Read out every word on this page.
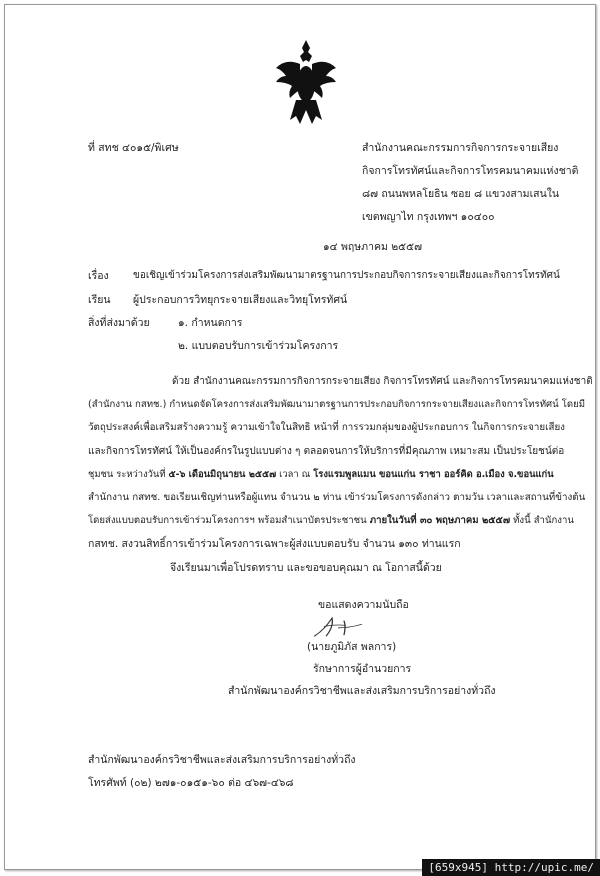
ที่ สทช ๔๐๑๕/พิเศษ	สำนักงานคณะกรรมการกิจการกระจายเสียง
กิจการโทรทัศน์และกิจการโทรคมนาคมแห่งชาติ
๘๗ ถนนพหลโยธิน ซอย ๘ แขวงสามเสนใน
เขตพญาไท กรุงเทพฯ ๑๐๔๐๐
๑๔ พฤษภาคม ๒๕๕๗
เรื่อง ขอเชิญเข้าร่วมโครงการส่งเสริมพัฒนามาตรฐานการประกอบกิจการกระจายเสียงและกิจการโทรทัศน์
เรียน ผู้ประกอบการวิทยุกระจายเสียงและวิทยุโทรทัศน์
สิ่งที่ส่งมาด้วย	๑. กำหนดการ
๒. แบบตอบรับการเข้าร่วมโครงการ
ด้วย สำนักงานคณะกรรมการกิจการกระจายเสียง กิจการโทรทัศน์ และกิจการโทรคมนาคมแห่งชาติ
(สำนักงาน กสทช.) กำหนดจัดโครงการส่งเสริมพัฒนามาตรฐานการประกอบกิจการกระจายเสียงและกิจการโทรทัศน์ โดยมี
วัตถุประสงค์เพื่อเสริมสร้างความรู้ ความเข้าใจในสิทธิ หน้าที่ การรวมกลุ่มของผู้ประกอบการ ในกิจการกระจายเสียง
และกิจการโทรทัศน์ ให้เป็นองค์กรในรูปแบบต่าง ๆ ตลอดจนการให้บริการที่มีคุณภาพ เหมาะสม เป็นประโยชน์ต่อ
ชุมชน ระหว่างวันที่ ๕-๖ เดือนมิถุนายน ๒๕๕๗ เวลา ณ โรงแรมพูลแมน ขอนแก่น ราชา ออร์คิด อ.เมือง จ.ขอนแก่น
สำนักงาน กสทช. ขอเรียนเชิญท่านหรือผู้แทน จำนวน ๒ ท่าน เข้าร่วมโครงการดังกล่าว ตามวัน เวลาและสถานที่ข้างต้น
โดยส่งแบบตอบรับการเข้าร่วมโครงการฯ พร้อมสำเนาบัตรประชาชน ภายในวันที่ ๓๐ พฤษภาคม ๒๕๕๗ ทั้งนี้ สำนักงาน
กสทช. สงวนสิทธิ์การเข้าร่วมโครงการเฉพาะผู้ส่งแบบตอบรับ จำนวน ๑๓๐ ท่านแรก
จึงเรียนมาเพื่อโปรดทราบ และขอขอบคุณมา ณ โอกาสนี้ด้วย
ขอแสดงความนับถือ
(นายภูมิภัส พลการ)
รักษาการผู้อำนวยการ
สำนักพัฒนาองค์กรวิชาชีพและส่งเสริมการบริการอย่างทั่วถึง
สำนักพัฒนาองค์กรวิชาชีพและส่งเสริมการบริการอย่างทั่วถึง
โทรศัพท์ (๐๒) ๒๗๑-๐๑๕๑-๖๐ ต่อ ๔๖๗-๔๖๘
[659x945] http://upic.me/
